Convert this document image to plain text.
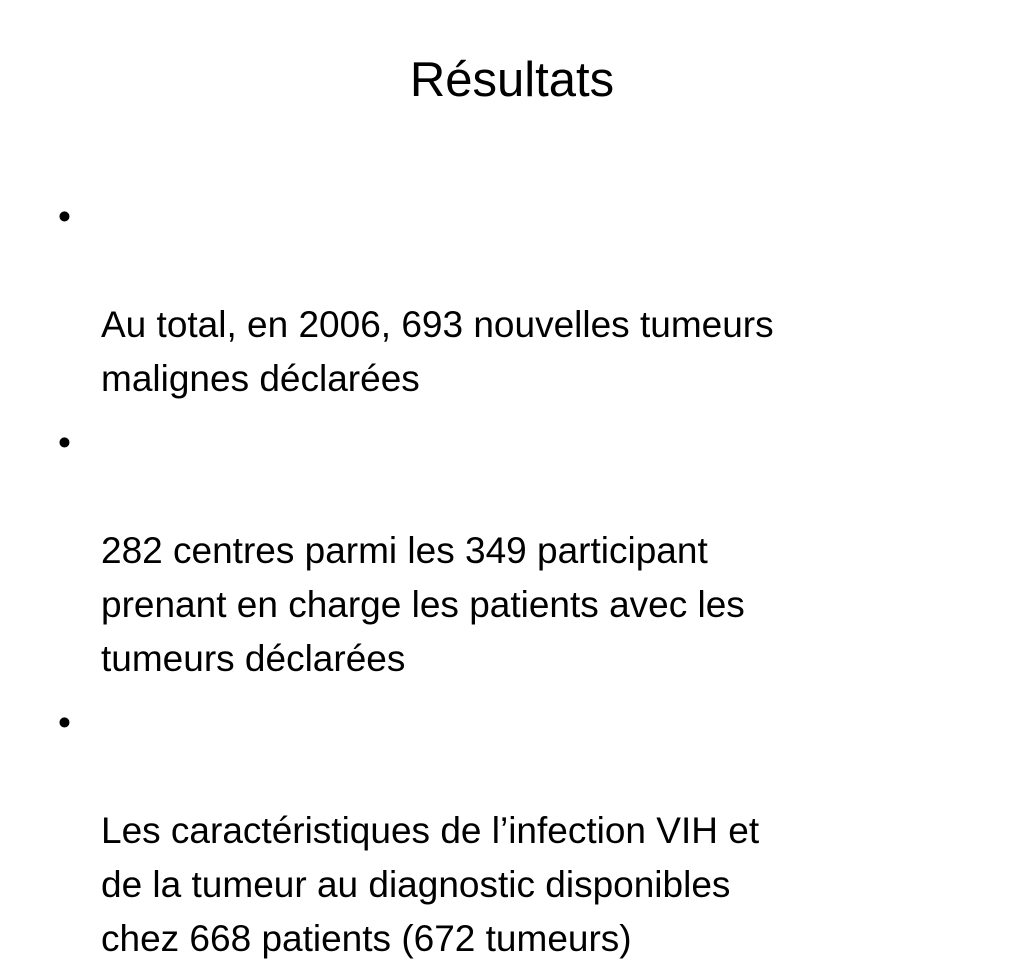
Résultats

•

Au total, en 2006, 693 nouvelles tumeurs
malignes déclarées

•

282 centres parmi les 349 participant
prenant en charge les patients avec les
tumeurs déclarées

•

Les caractéristiques de l’infection VIH et
de la tumeur au diagnostic disponibles
chez 668 patients (672 tumeurs)
